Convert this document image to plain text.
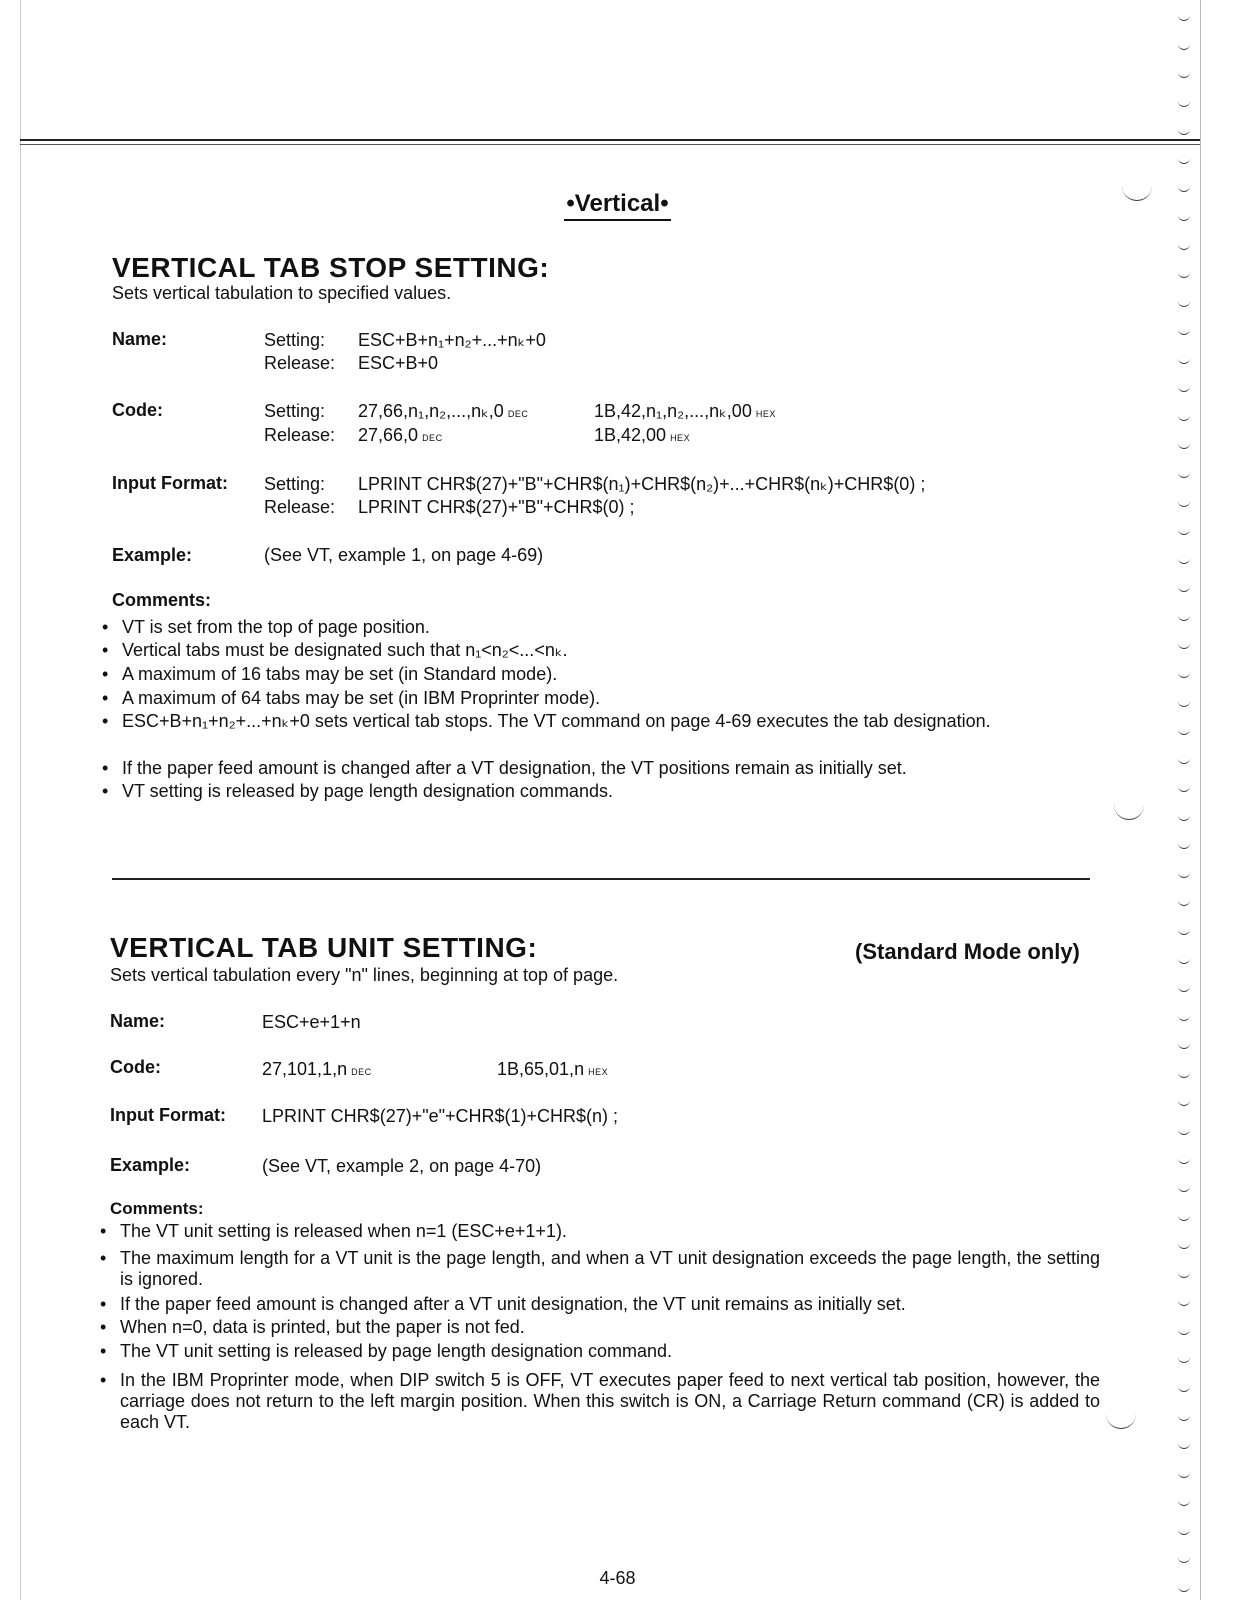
•Vertical•
VERTICAL TAB STOP SETTING:
Sets vertical tabulation to specified values.
Name:	Setting: ESC+B+n₁+n₂+...+nₖ+0
Release: ESC+B+0
Code:	Setting: 27,66,n₁,n₂,...,nₖ,0 DEC	1B,42,n₁,n₂,...,nₖ,00 HEX
Release: 27,66,0 DEC	1B,42,00 HEX
Input Format: Setting: LPRINT CHR$(27)+"B"+CHR$(n₁)+CHR$(n₂)+...+CHR$(nₖ)+CHR$(0) ;
Release: LPRINT CHR$(27)+"B"+CHR$(0) ;
Example:	(See VT, example 1, on page 4-69)
Comments:
• VT is set from the top of page position.
• Vertical tabs must be designated such that n₁<n₂<...<nₖ.
• A maximum of 16 tabs may be set (in Standard mode).
• A maximum of 64 tabs may be set (in IBM Proprinter mode).
• ESC+B+n₁+n₂+...+nₖ+0 sets vertical tab stops. The VT command on page 4-69 executes the tab designation.
• If the paper feed amount is changed after a VT designation, the VT positions remain as initially set.
• VT setting is released by page length designation commands.
VERTICAL TAB UNIT SETTING:	(Standard Mode only)
Sets vertical tabulation every "n" lines, beginning at top of page.
Name:	ESC+e+1+n
Code:	27,101,1,n DEC	1B,65,01,n HEX
Input Format: LPRINT CHR$(27)+"e"+CHR$(1)+CHR$(n) ;
Example:	(See VT, example 2, on page 4-70)
Comments:
• The VT unit setting is released when n=1 (ESC+e+1+1).
• The maximum length for a VT unit is the page length, and when a VT unit designation exceeds the page length, the setting is ignored.
• If the paper feed amount is changed after a VT unit designation, the VT unit remains as initially set.
• When n=0, data is printed, but the paper is not fed.
• The VT unit setting is released by page length designation command.
• In the IBM Proprinter mode, when DIP switch 5 is OFF, VT executes paper feed to next vertical tab position, however, the carriage does not return to the left margin position. When this switch is ON, a Carriage Return command (CR) is added to each VT.
4-68
